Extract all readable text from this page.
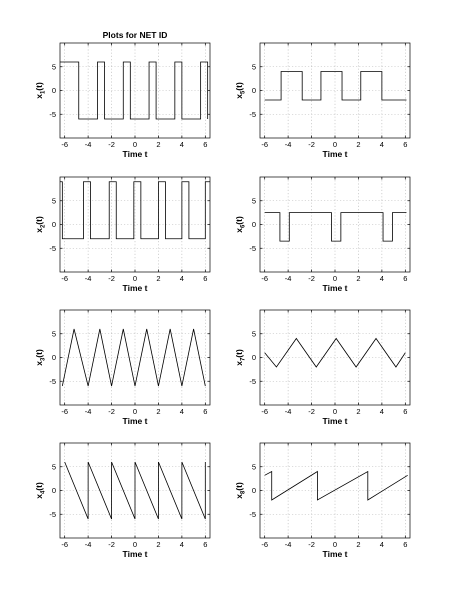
-6 -4 -2 0	2	4	6
5
0
-5
Time t
$x_1(t)$
Plots for NET ID
-6 -4 -2 0	2	4	6
5
0
-5
Time t
$x_5(t)$
-6 -4 -2 0	2	4	6
5
0
-5
Time t
$x_2(t)$
-6 -4 -2 0	2	4	6
5
0
-5
Time t
$x_6(t)$
-6 -4 -2 0	2	4	6
5
0
-5
Time t
$x_3(t)$
-6 -4 -2 0	2	4	6
5
0
-5
Time t
$x_7(t)$
-6 -4 -2 0	2	4	6
5
0
-5
Time t
$x_4(t)$
-6 -4 -2 0	2	4	6
5
0
-5
Time t
$x_8(t)$
